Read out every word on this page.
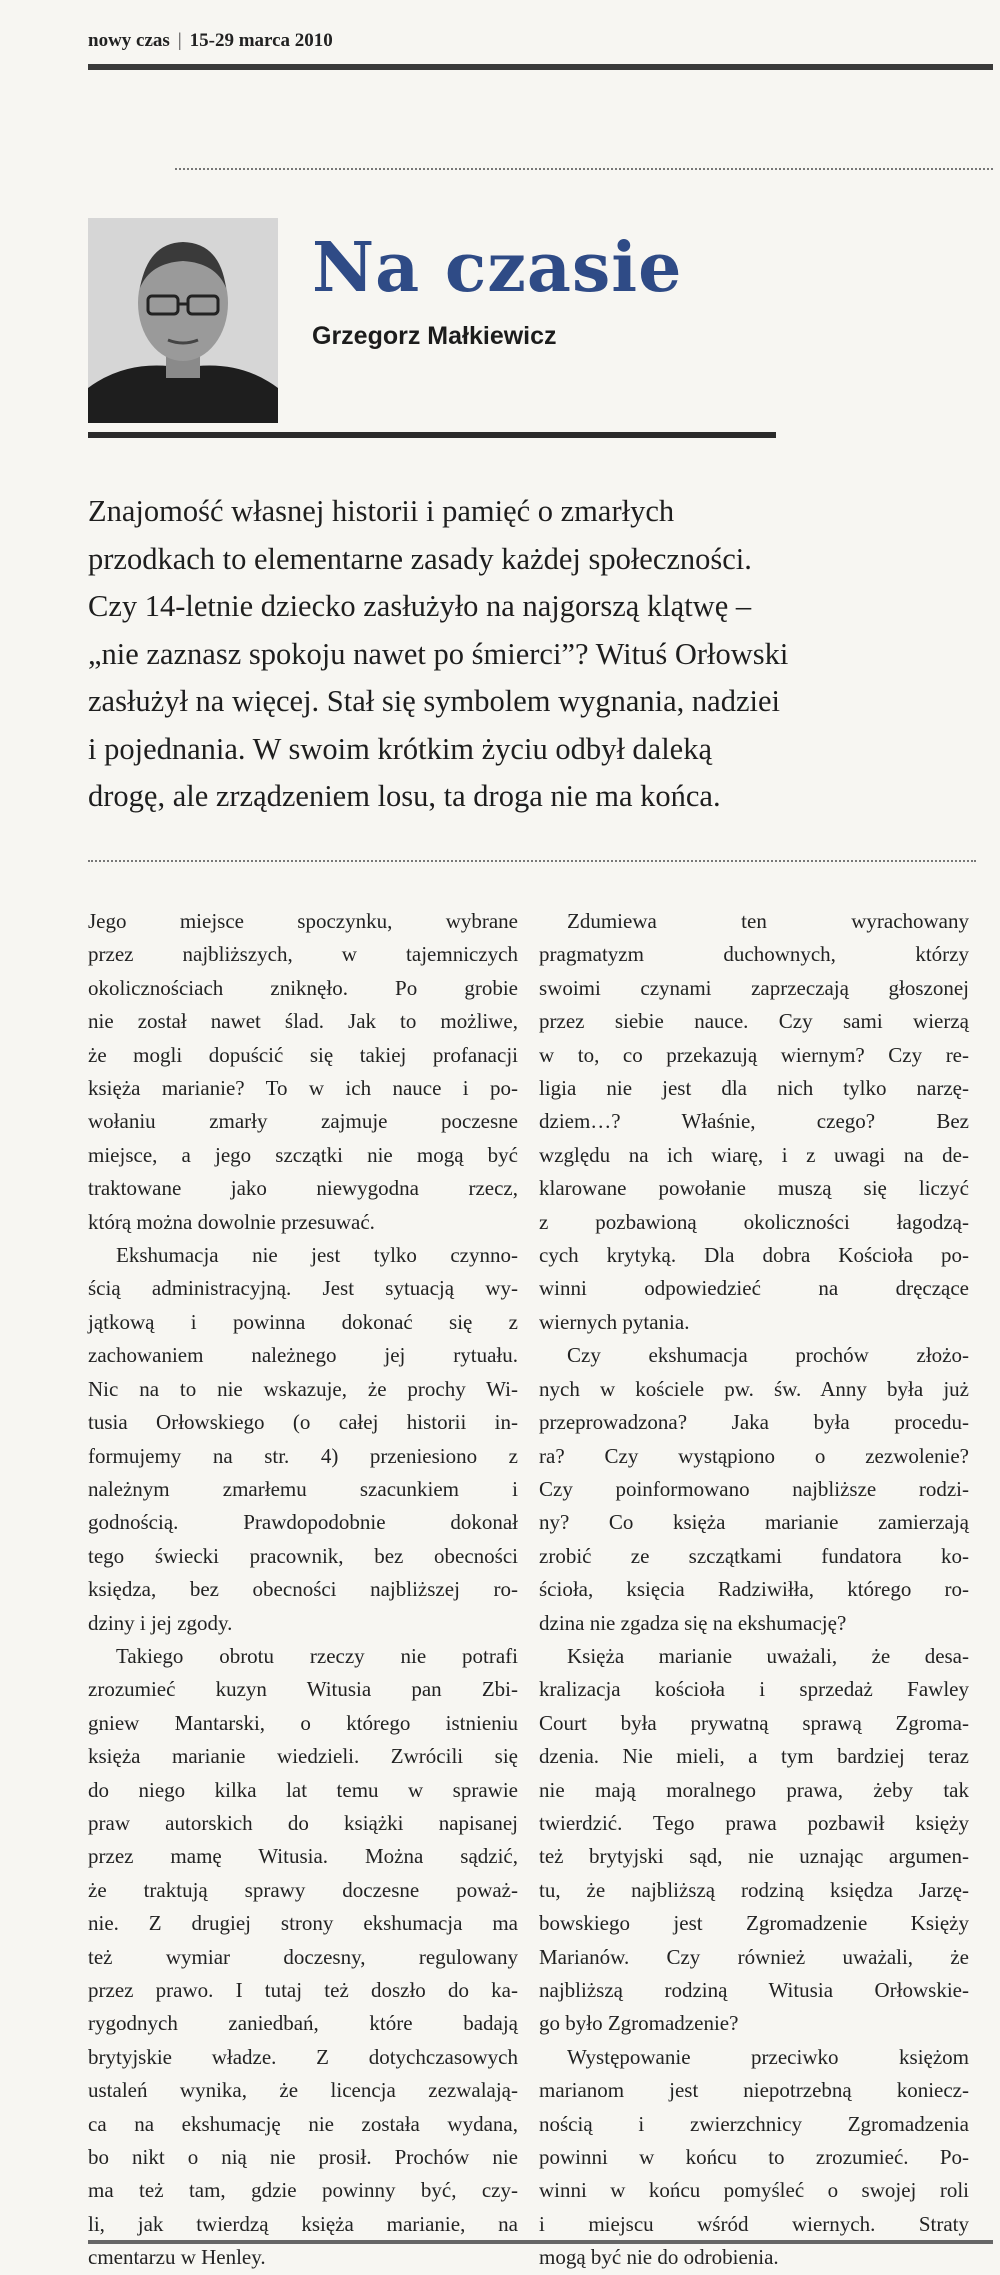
nowy czas | 15-29 marca 2010
Na czasie
Grzegorz Małkiewicz
Znajomość własnej historii i pamięć o zmarłych
przodkach to elementarne zasady każdej społeczności.
Czy 14-letnie dziecko zasłużyło na najgorszą klątwę –
„nie zaznasz spokoju nawet po śmierci”? Wituś Orłowski
zasłużył na więcej. Stał się symbolem wygnania, nadziei
i pojednania. W swoim krótkim życiu odbył daleką
drogę, ale zrządzeniem losu, ta droga nie ma końca.
Jego miejsce spoczynku, wybrane
przez najbliższych, w tajemniczych
okolicznościach zniknęło. Po grobie
nie został nawet ślad. Jak to możliwe,
że mogli dopuścić się takiej profanacji
księża marianie? To w ich nauce i po-
wołaniu zmarły zajmuje poczesne
miejsce, a jego szczątki nie mogą być
traktowane jako niewygodna rzecz,
którą można dowolnie przesuwać.
Ekshumacja nie jest tylko czynno-
ścią administracyjną. Jest sytuacją wy-
jątkową i powinna dokonać się z
zachowaniem należnego jej rytuału.
Nic na to nie wskazuje, że prochy Wi-
tusia Orłowskiego (o całej historii in-
formujemy na str. 4) przeniesiono z
należnym zmarłemu szacunkiem i
godnością. Prawdopodobnie dokonał
tego świecki pracownik, bez obecności
księdza, bez obecności najbliższej ro-
dziny i jej zgody.
Takiego obrotu rzeczy nie potrafi
zrozumieć kuzyn Witusia pan Zbi-
gniew Mantarski, o którego istnieniu
księża marianie wiedzieli. Zwrócili się
do niego kilka lat temu w sprawie
praw autorskich do książki napisanej
przez mamę Witusia. Można sądzić,
że traktują sprawy doczesne poważ-
nie. Z drugiej strony ekshumacja ma
też wymiar doczesny, regulowany
przez prawo. I tutaj też doszło do ka-
rygodnych zaniedbań, które badają
brytyjskie władze. Z dotychczasowych
ustaleń wynika, że licencja zezwalają-
ca na ekshumację nie została wydana,
bo nikt o nią nie prosił. Prochów nie
ma też tam, gdzie powinny być, czy-
li, jak twierdzą księża marianie, na
cmentarzu w Henley.
Zdumiewa ten wyrachowany
pragmatyzm duchownych, którzy
swoimi czynami zaprzeczają głoszonej
przez siebie nauce. Czy sami wierzą
w to, co przekazują wiernym? Czy re-
ligia nie jest dla nich tylko narzę-
dziem…? Właśnie, czego? Bez
względu na ich wiarę, i z uwagi na de-
klarowane powołanie muszą się liczyć
z pozbawioną okoliczności łagodzą-
cych krytyką. Dla dobra Kościoła po-
winni odpowiedzieć na dręczące
wiernych pytania.
Czy ekshumacja prochów złożo-
nych w kościele pw. św. Anny była już
przeprowadzona? Jaka była procedu-
ra? Czy wystąpiono o zezwolenie?
Czy poinformowano najbliższe rodzi-
ny? Co księża marianie zamierzają
zrobić ze szczątkami fundatora ko-
ścioła, księcia Radziwiłła, którego ro-
dzina nie zgadza się na ekshumację?
Księża marianie uważali, że desa-
kralizacja kościoła i sprzedaż Fawley
Court była prywatną sprawą Zgroma-
dzenia. Nie mieli, a tym bardziej teraz
nie mają moralnego prawa, żeby tak
twierdzić. Tego prawa pozbawił księży
też brytyjski sąd, nie uznając argumen-
tu, że najbliższą rodziną księdza Jarzę-
bowskiego jest Zgromadzenie Księży
Marianów. Czy również uważali, że
najbliższą rodziną Witusia Orłowskie-
go było Zgromadzenie?
Występowanie przeciwko księżom
marianom jest niepotrzebną koniecz-
nością i zwierzchnicy Zgromadzenia
powinni w końcu to zrozumieć. Po-
winni w końcu pomyśleć o swojej roli
i miejscu wśród wiernych. Straty
mogą być nie do odrobienia.
